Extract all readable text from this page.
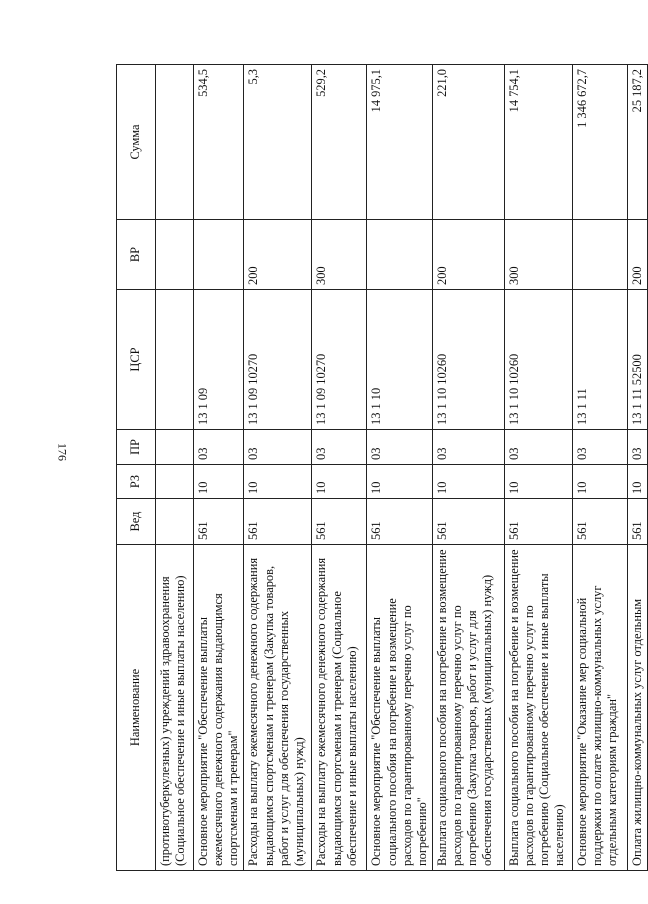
176
Наименование	Вед	РЗ	ПР	ЦСР	ВР	Сумма
(противотуберкулезных) учреждений здравоохранения (Социальное обеспечение и иные выплаты населению)						
Основное мероприятие "Обеспечение выплаты ежемесячного денежного содержания выдающимся спортсменам и тренерам"	561	10	03	13 1 09		534,5
Расходы на выплату ежемесячного денежного содержания выдающимся спортсменам и тренерам (Закупка товаров, работ и услуг для обеспечения государственных (муниципальных) нужд)	561	10	03	13 1 09 10270	200	5,3
Расходы на выплату ежемесячного денежного содержания выдающимся спортсменам и тренерам (Социальное обеспечение и иные выплаты населению)	561	10	03	13 1 09 10270	300	529,2
Основное мероприятие "Обеспечение выплаты социального пособия на погребение и возмещение расходов по гарантированному перечню услуг по погребению"	561	10	03	13 1 10		14 975,1
Выплата социального пособия на погребение и возмещение расходов по гарантированному перечню услуг по погребению (Закупка товаров, работ и услуг для обеспечения государственных (муниципальных) нужд)	561	10	03	13 1 10 10260	200	221,0
Выплата социального пособия на погребение и возмещение расходов по гарантированному перечню услуг по погребению (Социальное обеспечение и иные выплаты населению)	561	10	03	13 1 10 10260	300	14 754,1
Основное мероприятие "Оказание мер социальной поддержки по оплате жилищно-коммунальных услуг отдельным категориям граждан"	561	10	03	13 1 11		1 346 672,7
Оплата жилищно-коммунальных услуг отдельным	561	10	03	13 1 11 52500	200	25 187,2
